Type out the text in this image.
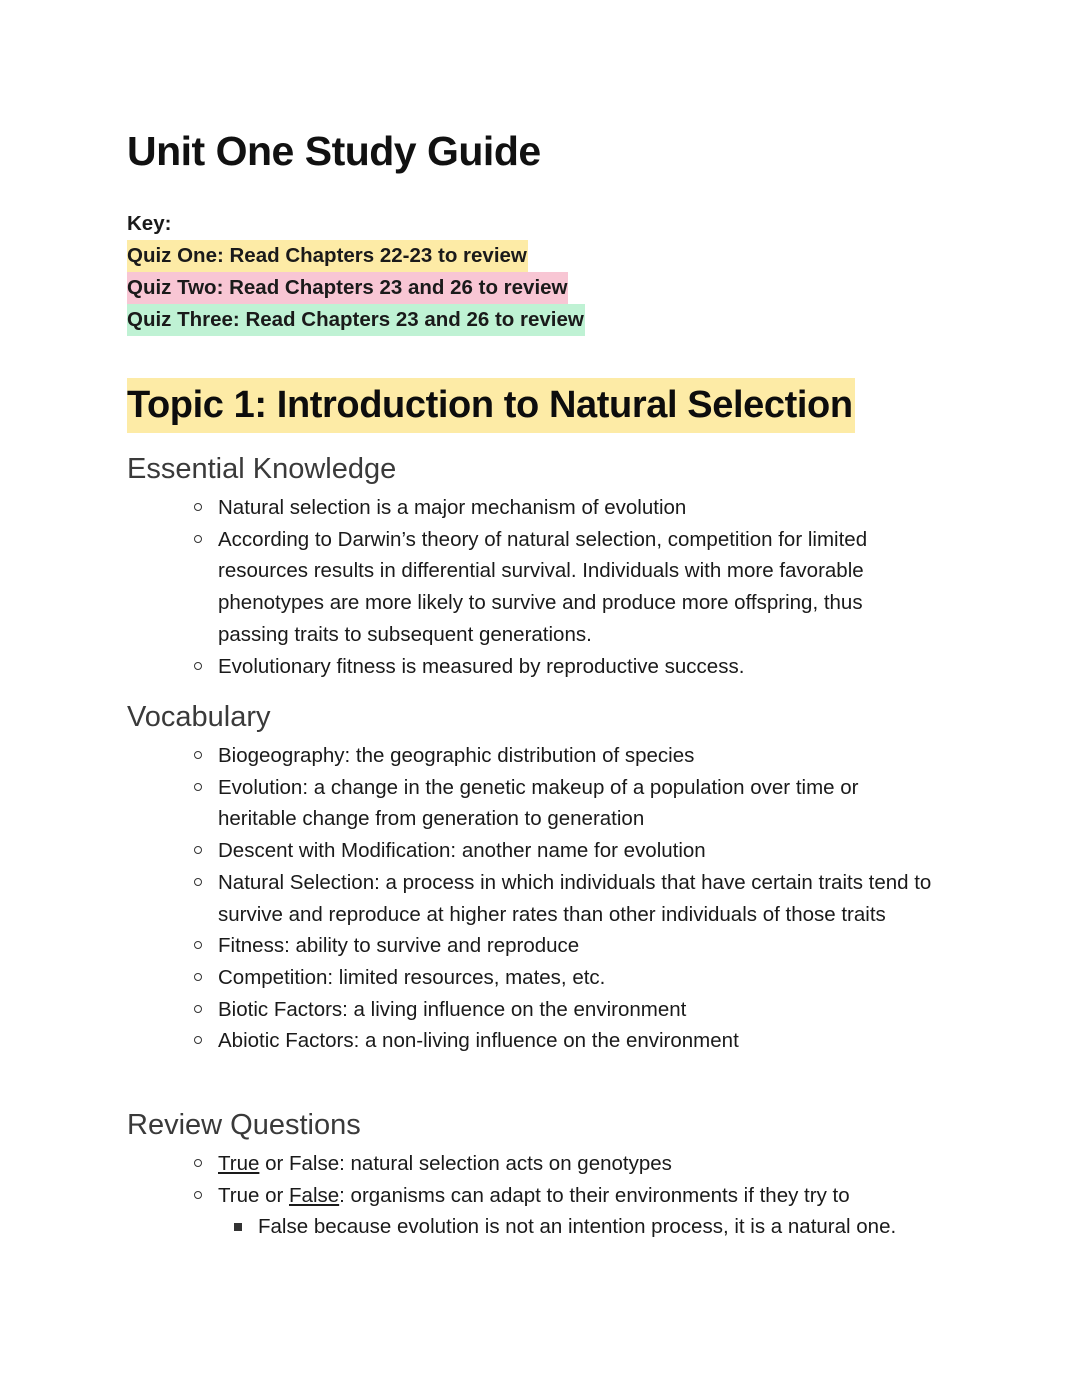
Unit One Study Guide
Key:
Quiz One: Read Chapters 22-23 to review
Quiz Two: Read Chapters 23 and 26 to review
Quiz Three: Read Chapters 23 and 26 to review
Topic 1: Introduction to Natural Selection
Essential Knowledge
Natural selection is a major mechanism of evolution
According to Darwin’s theory of natural selection, competition for limited resources results in differential survival. Individuals with more favorable phenotypes are more likely to survive and produce more offspring, thus passing traits to subsequent generations.
Evolutionary fitness is measured by reproductive success.
Vocabulary
Biogeography: the geographic distribution of species
Evolution: a change in the genetic makeup of a population over time or heritable change from generation to generation
Descent with Modification: another name for evolution
Natural Selection: a process in which individuals that have certain traits tend to survive and reproduce at higher rates than other individuals of those traits
Fitness: ability to survive and reproduce
Competition: limited resources, mates, etc.
Biotic Factors: a living influence on the environment
Abiotic Factors: a non-living influence on the environment
Review Questions
True or False: natural selection acts on genotypes
True or False: organisms can adapt to their environments if they try to
False because evolution is not an intention process, it is a natural one.
